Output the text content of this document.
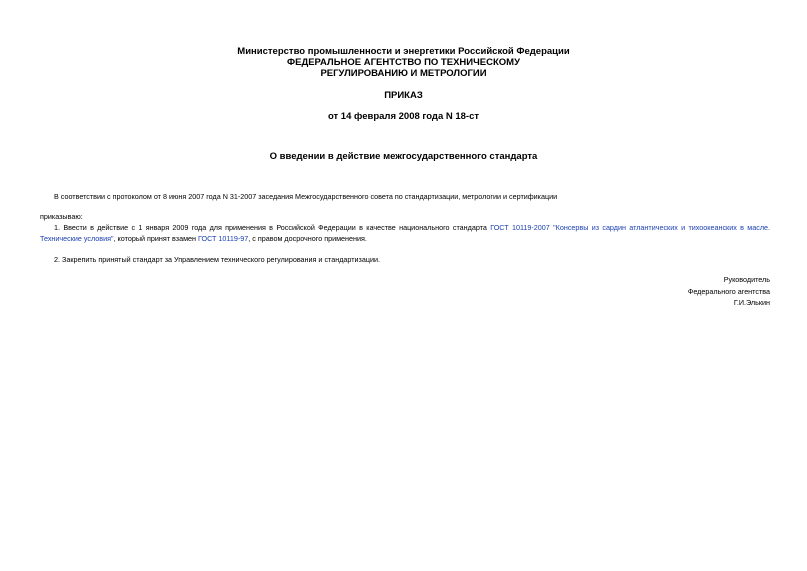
Министерство промышленности и энергетики Российской Федерации
ФЕДЕРАЛЬНОЕ АГЕНТСТВО ПО ТЕХНИЧЕСКОМУ
РЕГУЛИРОВАНИЮ И МЕТРОЛОГИИ
ПРИКАЗ
от 14 февраля 2008 года N 18-ст
О введении в действие межгосударственного стандарта
В соответствии с протоколом от 8 июня 2007 года N 31-2007 заседания Межгосударственного совета по стандартизации, метрологии и сертификации
приказываю:
1. Ввести в действие с 1 января 2009 года для применения в Российской Федерации в качестве национального стандарта ГОСТ 10119-2007 "Консервы из сардин атлантических и тихоокеанских в масле. Технические условия", который принят взамен ГОСТ 10119-97, с правом досрочного применения.
2. Закрепить принятый стандарт за Управлением технического регулирования и стандартизации.
Руководитель
Федерального агентства
Г.И.Элькин
